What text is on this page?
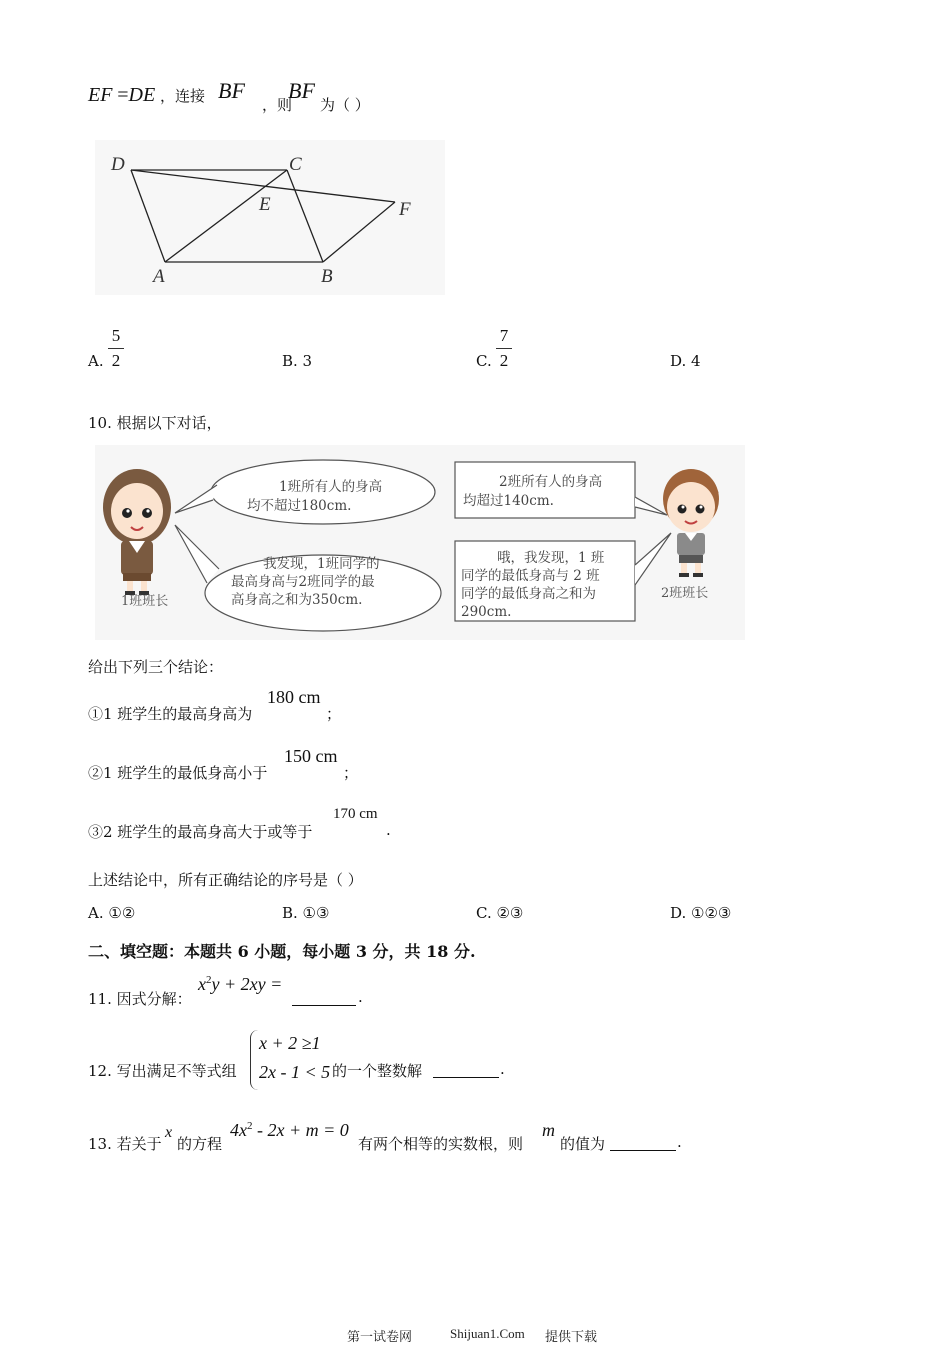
EF =DE ，连接 BF
，则
BF
为（ ）
D	C
E	F
A	B
A.
5
2	B. 3	C.
7
2	D. 4
10. 根据以下对话，
1班所有人的身高
均不超过180cm.
我发现，1班同学的
最高身高与2班同学的最
高身高之和为350cm.
2班所有人的身高
均超过140cm.
哦，我发现，1 班
同学的最低身高与 2 班
同学的最低身高之和为
290cm.
1班班长
2班班长
给出下列三个结论：
①1 班学生的最高身高为
180 cm
；
②1 班学生的最低身高小于
150 cm
；
③2 班学生的最高身高大于或等于
170 cm
.
上述结论中，所有正确结论的序号是（ ）
A. ①②	B. ①③	C. ②③	D. ①②③
二、填空题：本题共 6 小题，每小题 3 分，共 18 分.
11. 因式分解：
$x^2y + 2xy$ =
.
12. 写出满足不等式组
x + 2 ≥1
2x - 1 < 5 的一个整数解	.
13. 若关于
x
的方程
$4x^2 - 2x + m = 0$
有两个相等的实数根，则
m
的值为	.
第一试卷网	Shijuan1.Com 提供下载
